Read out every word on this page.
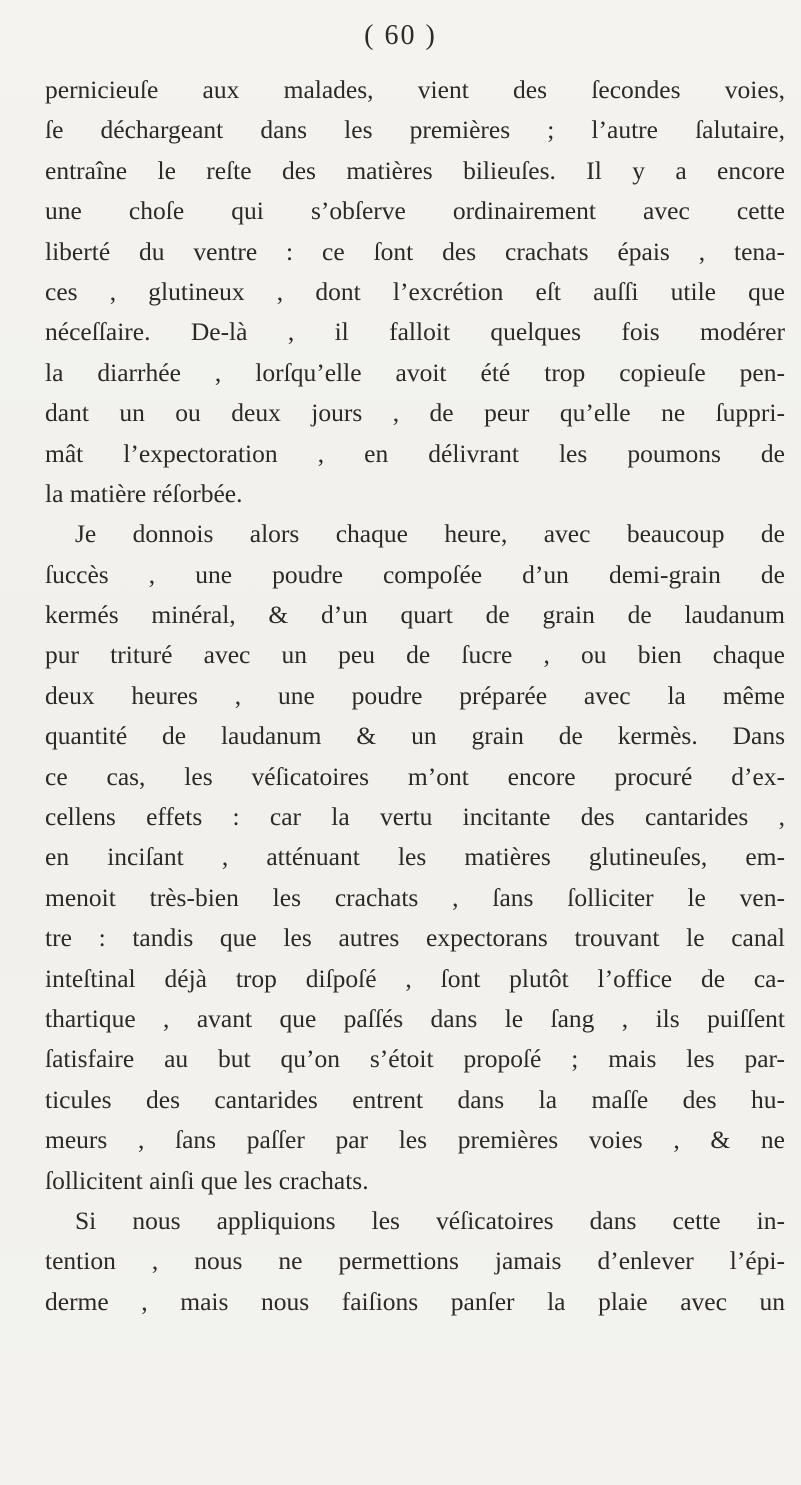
( 60 )
pernicieuſe aux malades, vient des ſecondes voies,
ſe déchargeant dans les premières ; l’autre ſalutaire,
entraîne le reſte des matières bilieuſes. Il y a encore
une choſe qui s’obſerve ordinairement avec cette
liberté du ventre : ce ſont des crachats épais , tena-
ces , glutineux , dont l’excrétion eſt auſſi utile que
néceſſaire. De-là , il falloit quelques fois modérer
la diarrhée , lorſqu’elle avoit été trop copieuſe pen-
dant un ou deux jours , de peur qu’elle ne ſuppri-
mât l’expectoration , en délivrant les poumons de
la matière réſorbée.
Je donnois alors chaque heure, avec beaucoup de
ſuccès , une poudre compoſée d’un demi-grain de
kermés minéral, & d’un quart de grain de laudanum
pur trituré avec un peu de ſucre , ou bien chaque
deux heures , une poudre préparée avec la même
quantité de laudanum & un grain de kermès. Dans
ce cas, les véſicatoires m’ont encore procuré d’ex-
cellens effets : car la vertu incitante des cantarides ,
en inciſant , atténuant les matières glutineuſes, em-
menoit très-bien les crachats , ſans ſolliciter le ven-
tre : tandis que les autres expectorans trouvant le canal
inteſtinal déjà trop diſpoſé , ſont plutôt l’office de ca-
thartique , avant que paſſés dans le ſang , ils puiſſent
ſatisfaire au but qu’on s’étoit propoſé ; mais les par-
ticules des cantarides entrent dans la maſſe des hu-
meurs , ſans paſſer par les premières voies , & ne
ſollicitent ainſi que les crachats.
Si nous appliquions les véſicatoires dans cette in-
tention , nous ne permettions jamais d’enlever l’épi-
derme , mais nous faiſions panſer la plaie avec un
